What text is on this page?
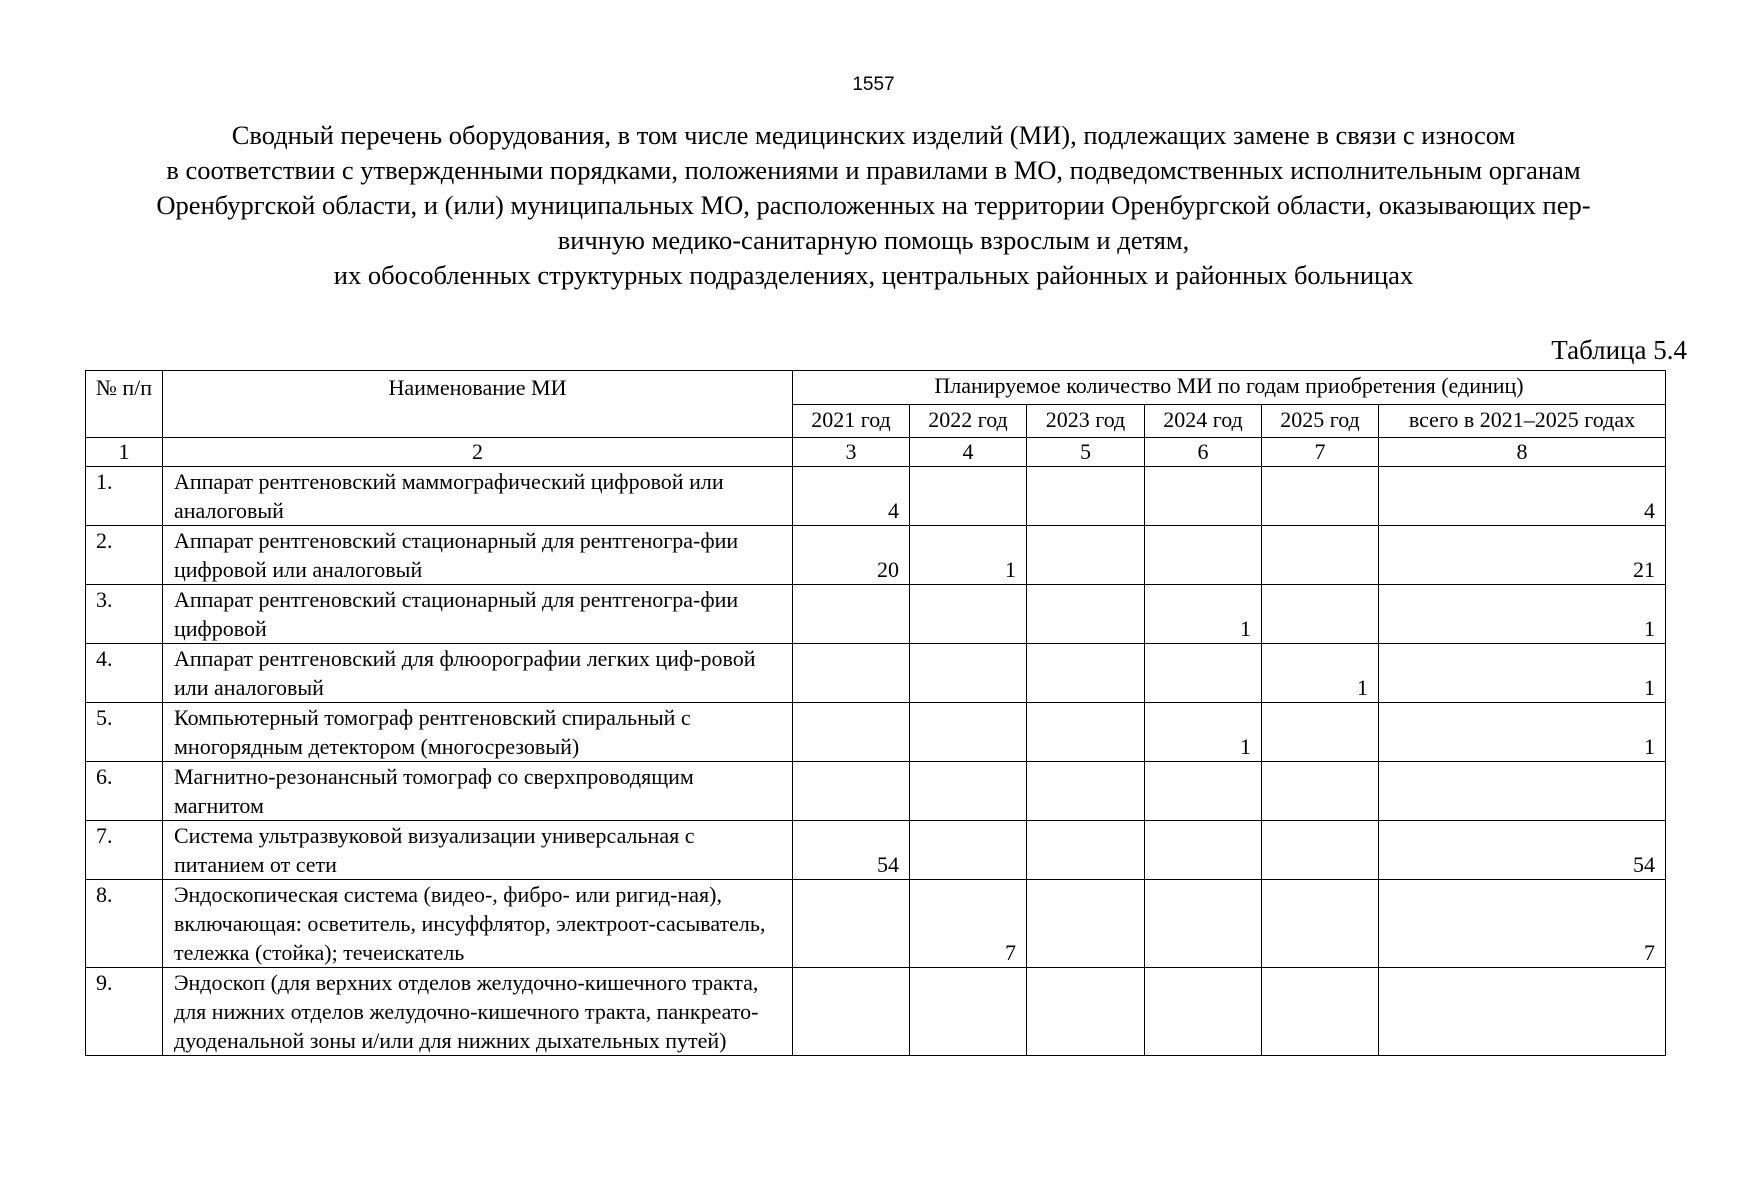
1557
Сводный перечень оборудования, в том числе медицинских изделий (МИ), подлежащих замене в связи с износом
в соответствии с утвержденными порядками, положениями и правилами в МО, подведомственных исполнительным органам
Оренбургской области, и (или) муниципальных МО, расположенных на территории Оренбургской области, оказывающих пер-
вичную медико-санитарную помощь взрослым и детям,
их обособленных структурных подразделениях, центральных районных и районных больницах
Таблица 5.4
№ п/п	Наименование МИ	Планируемое количество МИ по годам приобретения (единиц)					
		2021 год	2022 год	2023 год	2024 год	2025 год	всего в 2021–2025 годах
1	2	3	4	5	6	7	8
1.	Аппарат рентгеновский маммографический цифровой или аналоговый	4					4
2.	Аппарат рентгеновский стационарный для рентгеногра-фии цифровой или аналоговый	20	1				21
3.	Аппарат рентгеновский стационарный для рентгеногра-фии цифровой				1		1
4.	Аппарат рентгеновский для флюорографии легких циф-ровой или аналоговый					1	1
5.	Компьютерный томограф рентгеновский спиральный с многорядным детектором (многосрезовый)				1		1
6.	Магнитно-резонансный томограф со сверхпроводящим магнитом						
7.	Система ультразвуковой визуализации универсальная с питанием от сети	54					54
8.	Эндоскопическая система (видео-, фибро- или ригид-ная), включающая: осветитель, инсуффлятор, электроот-сасыватель, тележка (стойка); течеискатель		7				7
9.	Эндоскоп (для верхних отделов желудочно-кишечного тракта, для нижних отделов желудочно-кишечного тракта, панкреато-дуоденальной зоны и/или для нижних дыхательных путей)						
